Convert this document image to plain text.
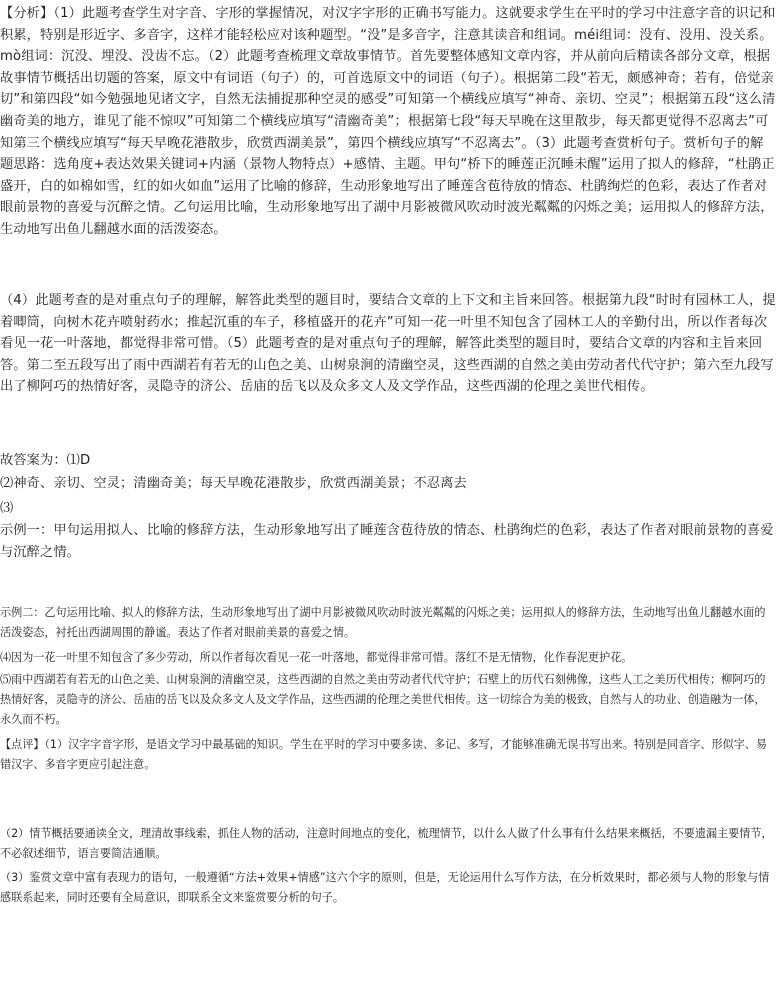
【分析】（1）此题考查学生对字音、字形的掌握情况，对汉字字形的正确书写能力。这就要求学生在平时的学习中注意字音的识记和积累，特别是形近字、多音字，这样才能轻松应对该种题型。“没”是多音字，注意其读音和组词。méi组词：没有、没用、没关系。mò组词：沉没、埋没、没齿不忘。（2）此题考查梳理文章故事情节。首先要整体感知文章内容，并从前向后精读各部分文章，根据故事情节概括出切题的答案，原文中有词语（句子）的，可首选原文中的词语（句子）。根据第二段“若无，颇感神奇；若有，倍觉亲切”和第四段“如今勉强地见诸文字，自然无法捕捉那种空灵的感受”可知第一个横线应填写“神奇、亲切、空灵”；根据第五段“这么清幽奇美的地方，谁见了能不惊叹”可知第二个横线应填写“清幽奇美”；根据第七段“每天早晚在这里散步，每天都更觉得不忍离去”可知第三个横线应填写“每天早晚花港散步，欣赏西湖美景”，第四个横线应填写“不忍离去”。（3）此题考查赏析句子。赏析句子的解题思路：选角度+表达效果关键词+内涵（景物人物特点）+感情、主题。甲句“桥下的睡莲正沉睡未醒”运用了拟人的修辞，“杜鹃正盛开，白的如棉如雪，红的如火如血”运用了比喻的修辞，生动形象地写出了睡莲含苞待放的情态、杜鹃绚烂的色彩，表达了作者对眼前景物的喜爱与沉醉之情。乙句运用比喻，生动形象地写出了湖中月影被微风吹动时波光粼粼的闪烁之美；运用拟人的修辞方法，生动地写出鱼儿翻越水面的活泼姿态。
（4）此题考查的是对重点句子的理解，解答此类型的题目时，要结合文章的上下文和主旨来回答。根据第九段“时时有园林工人，提着唧筒，向树木花卉喷射药水；推起沉重的车子，移植盛开的花卉”可知一花一叶里不知包含了园林工人的辛勤付出，所以作者每次看见一花一叶落地，都觉得非常可惜。（5）此题考查的是对重点句子的理解，解答此类型的题目时，要结合文章的内容和主旨来回答。第二至五段写出了雨中西湖若有若无的山色之美、山树泉涧的清幽空灵，这些西湖的自然之美由劳动者代代守护；第六至九段写出了柳阿巧的热情好客，灵隐寺的济公、岳庙的岳飞以及众多文人及文学作品，这些西湖的伦理之美世代相传。
故答案为：⑴D
⑵神奇、亲切、空灵；清幽奇美；每天早晚花港散步，欣赏西湖美景；不忍离去
⑶
示例一：甲句运用拟人、比喻的修辞方法，生动形象地写出了睡莲含苞待放的情态、杜鹃绚烂的色彩，表达了作者对眼前景物的喜爱与沉醉之情。
示例二：乙句运用比喻、拟人的修辞方法，生动形象地写出了湖中月影被微风吹动时波光粼粼的闪烁之美；运用拟人的修辞方法，生动地写出鱼儿翻越水面的活泼姿态，衬托出西湖周围的静谧。表达了作者对眼前美景的喜爱之情。
⑷因为一花一叶里不知包含了多少劳动，所以作者每次看见一花一叶落地，都觉得非常可惜。落红不是无情物，化作春泥更护花。
⑸雨中西湖若有若无的山色之美、山树泉涧的清幽空灵，这些西湖的自然之美由劳动者代代守护；石壁上的历代石刻佛像，这些人工之美历代相传；柳阿巧的热情好客，灵隐寺的济公、岳庙的岳飞以及众多文人及文学作品，这些西湖的伦理之美世代相传。这一切综合为美的极致，自然与人的功业、创造融为一体，永久而不朽。
【点评】（1）汉字字音字形，是语文学习中最基础的知识。学生在平时的学习中要多读、多记、多写，才能够准确无误书写出来。特别是同音字、形似字、易错汉字、多音字更应引起注意。
（2）情节概括要通读全文，理清故事线索，抓住人物的活动，注意时间地点的变化，梳理情节，以什么人做了什么事有什么结果来概括，不要遗漏主要情节，不必叙述细节，语言要简洁通顺。
（3）鉴赏文章中富有表现力的语句，一般遵循“方法+效果+情感”这六个字的原则，但是，无论运用什么写作方法，在分析效果时，都必须与人物的形象与情感联系起来，同时还要有全局意识，即联系全文来鉴赏要分析的句子。
